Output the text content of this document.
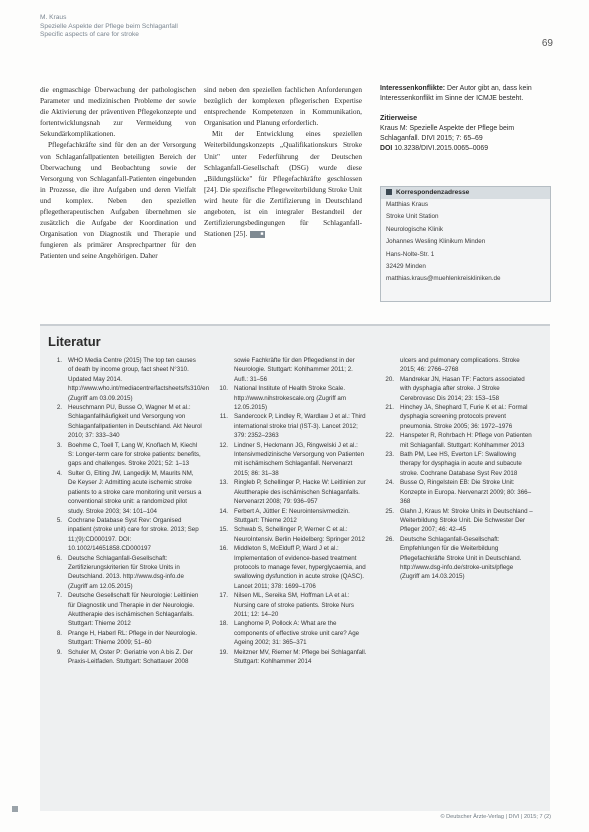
M. Kraus
Spezielle Aspekte der Pflege beim Schlaganfall
Specific aspects of care for stroke
69

die engmaschige Überwachung der pathologischen Parameter und medizinischen Probleme der sowie die Aktivierung der präventiven Pflegekonzepte und fortentwicklungsnah zur Vermeidung von Sekundärkomplikationen.

Pflegefachkräfte sind für den an der Versorgung von Schlaganfallpatienten beteiligten Bereich der Überwachung und Beobachtung sowie der Versorgung von Schlaganfall-Patienten eingebunden in Prozesse, die ihre Aufgaben und deren Vielfalt und komplex. Neben den speziellen pflegetherapeutischen Aufgaben übernehmen sie zusätzlich die Aufgabe der Koordination und Organisation von Diagnostik und Therapie und fungieren als primärer Ansprechpartner für den Patienten und seine Angehörigen. Daher

sind neben den speziellen fachlichen Anforderungen bezüglich der komplexen pflegerischen Expertise entsprechende Kompetenzen in Kommunikation, Organisation und Planung erforderlich.

Mit der Entwicklung eines speziellen Weiterbildungskonzepts „Qualifikationskurs Stroke Unit" unter Federführung der Deutschen Schlaganfall-Gesellschaft (DSG) wurde diese „Bildungslücke" für Pflegefachkräfte geschlossen [24]. Die spezifische Pflegeweiterbildung Stroke Unit wird heute für die Zertifizierung in Deutschland angeboten, ist ein integraler Bestandteil der Zertifizierungsbedingungen für Schlaganfall-Stationen [25].	■

Interessenkonflikte: Der Autor gibt an, dass kein Interessenkonflikt im Sinne der ICMJE besteht.
Zitierweise
Kraus M: Spezielle Aspekte der Pflege beim Schlaganfall. DIVI 2015; 7: 65–69
DOI 10.3238/DIVI.2015.0065–0069
Korrespondenzadresse
Matthias Kraus
Stroke Unit Station
Neurologische Klinik
Johannes Wesling Klinikum Minden
Hans-Nolte-Str. 1
32429 Minden
matthias.kraus@muehlenkreiskliniken.de
Literatur
1. WHO Media Centre (2015) The top ten causes of death by income group, fact sheet N°310. Updated May 2014. http://www.who.int/mediacentre/factsheets/fs310/en (Zugriff am 03.09.2015)
2. Heuschmann PU, Busse O, Wagner M et al.: Schlaganfallhäufigkeit und Versorgung von Schlaganfallpatienten in Deutschland. Akt Neurol 2010; 37: 333–340
3. Boehme C, Toell T, Lang W, Knoflach M, Kiechl S: Longer-term care for stroke patients: benefits, gaps and challenges. Stroke 2021; 52: 1–13
4. Sulter G, Elting JW, Langedijk M, Maurits NM, De Keyser J: Admitting acute ischemic stroke patients to a stroke care monitoring unit versus a conventional stroke unit: a randomized pilot study. Stroke 2003; 34: 101–104
5. Cochrane Database Syst Rev: Organised inpatient (stroke unit) care for stroke. 2013; Sep 11;(9):CD000197. DOI: 10.1002/14651858.CD000197
6. Deutsche Schlaganfall-Gesellschaft: Zertifizierungskriterien für Stroke Units in Deutschland. 2013. http://www.dsg-info.de (Zugriff am 12.05.2015)
7. Deutsche Gesellschaft für Neurologie: Leitlinien für Diagnostik und Therapie in der Neurologie. Akuttherapie des ischämischen Schlaganfalls. Stuttgart: Thieme 2012
8. Prange H, Haberl RL: Pflege in der Neurologie. Stuttgart: Thieme 2009; 51–60
9. Schuler M, Oster P: Geriatrie von A bis Z. Der Praxis-Leitfaden. Stuttgart: Schattauer 2008
sowie Fachkräfte für den Pflegedienst in der Neurologie. Stuttgart: Kohlhammer 2011; 2. Aufl.: 31–56
10. National Institute of Health Stroke Scale. http://www.nihstrokescale.org (Zugriff am 12.05.2015)
11. Sandercock P, Lindley R, Wardlaw J et al.: Third international stroke trial (IST-3). Lancet 2012; 379: 2352–2363
12. Lindner S, Heckmann JG, Ringwelski J et al.: Intensivmedizinische Versorgung von Patienten mit ischämischem Schlaganfall. Nervenarzt 2015; 86: 31–38
13. Ringleb P, Schellinger P, Hacke W: Leitlinien zur Akuttherapie des ischämischen Schlaganfalls. Nervenarzt 2008; 79: 936–957
14. Ferbert A, Jüttler E: Neurointensivmedizin. Stuttgart: Thieme 2012
15. Schwab S, Schellinger P, Werner C et al.: NeuroIntensiv. Berlin Heidelberg: Springer 2012
16. Middleton S, McElduff P, Ward J et al.: Implementation of evidence-based treatment protocols to manage fever, hyperglycaemia, and swallowing dysfunction in acute stroke (QASC). Lancet 2011; 378: 1699–1706
17. Nilsen ML, Sereika SM, Hoffman LA et al.: Nursing care of stroke patients. Stroke Nurs 2011; 12: 14–20
18. Langhorne P, Pollock A: What are the components of effective stroke unit care? Age Ageing 2002; 31: 365–371
19. Meitzner MV, Riemer M: Pflege bei Schlaganfall. Stuttgart: Kohlhammer 2014
ulcers and pulmonary complications. Stroke 2015; 46: 2766–2768
20. Mandrekar JN, Hasan TF: Factors associated with dysphagia after stroke. J Stroke Cerebrovasc Dis 2014; 23: 153–158
21. Hinchey JA, Shephard T, Furie K et al.: Formal dysphagia screening protocols prevent pneumonia. Stroke 2005; 36: 1972–1976
22. Hanspeter R, Rohrbach H: Pflege von Patienten mit Schlaganfall. Stuttgart: Kohlhammer 2013
23. Bath PM, Lee HS, Everton LF: Swallowing therapy for dysphagia in acute and subacute stroke. Cochrane Database Syst Rev 2018
24. Busse O, Ringelstein EB: Die Stroke Unit: Konzepte in Europa. Nervenarzt 2009; 80: 366–368
25. Glahn J, Kraus M: Stroke Units in Deutschland – Weiterbildung Stroke Unit. Die Schwester Der Pfleger 2007; 46: 42–45
26. Deutsche Schlaganfall-Gesellschaft: Empfehlungen für die Weiterbildung Pflegefachkräfte Stroke Unit in Deutschland. http://www.dsg-info.de/stroke-units/pflege (Zugriff am 14.03.2015)
© Deutscher Ärzte-Verlag | DIVI | 2015; 7 (2)
